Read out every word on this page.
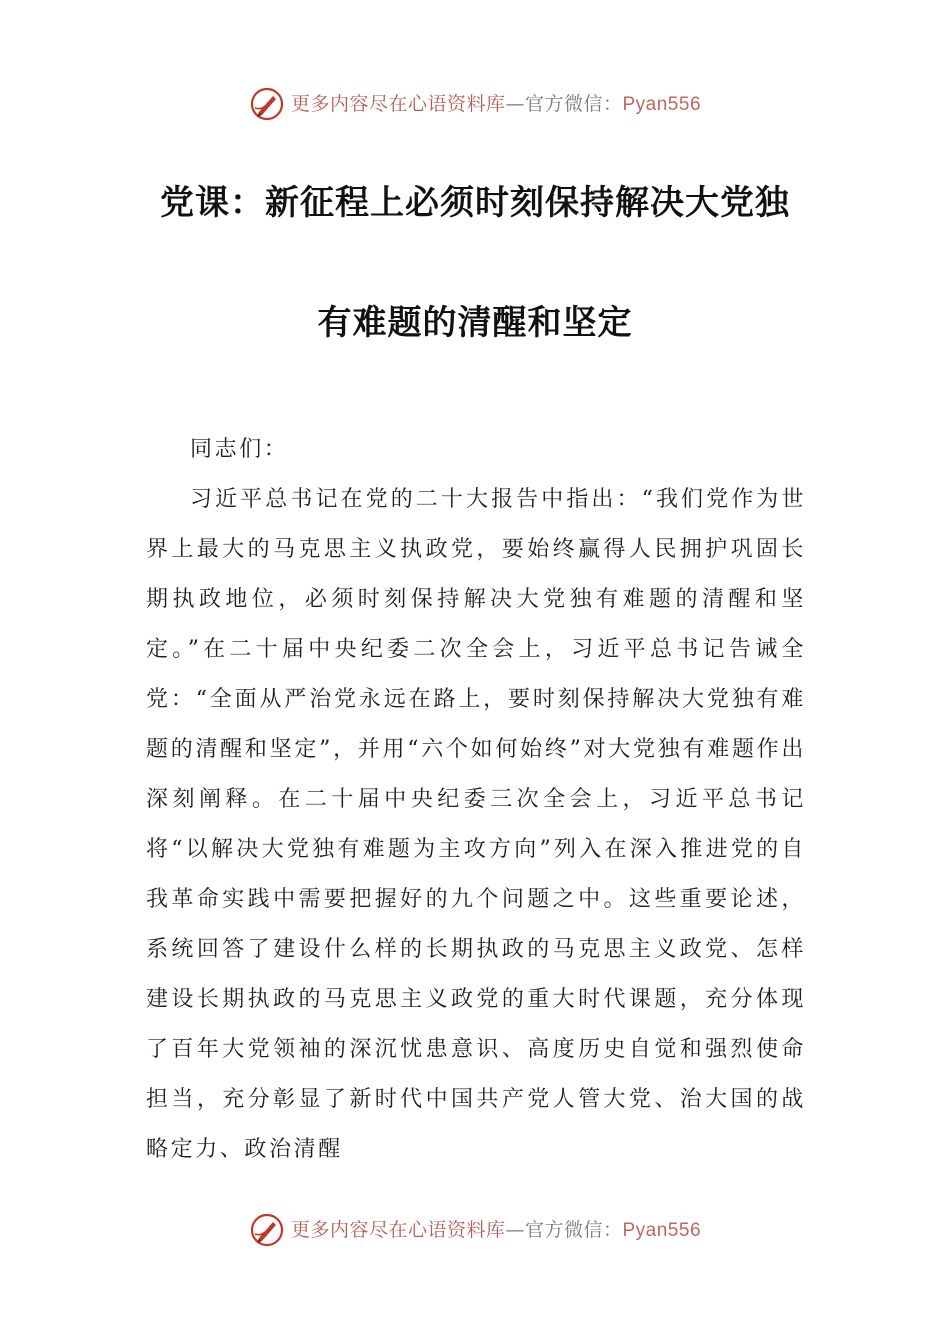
更多内容尽在心语资料库—官方微信：Pyan556
党课：新征程上必须时刻保持解决大党独
有难题的清醒和坚定

同志们：

习近平总书记在党的二十大报告中指出：“我们党作为世界上最大的马克思主义执政党，要始终赢得人民拥护巩固长期执政地位，必须时刻保持解决大党独有难题的清醒和坚定。”在二十届中央纪委二次全会上，习近平总书记告诫全党：“全面从严治党永远在路上，要时刻保持解决大党独有难题的清醒和坚定”，并用“六个如何始终”对大党独有难题作出深刻阐释。在二十届中央纪委三次全会上，习近平总书记将“以解决大党独有难题为主攻方向”列入在深入推进党的自我革命实践中需要把握好的九个问题之中。这些重要论述，系统回答了建设什么样的长期执政的马克思主义政党、怎样建设长期执政的马克思主义政党的重大时代课题，充分体现了百年大党领袖的深沉忧患意识、高度历史自觉和强烈使命担当，充分彰显了新时代中国共产党人管大党、治大国的战略定力、政治清醒

更多内容尽在心语资料库—官方微信：Pyan556
